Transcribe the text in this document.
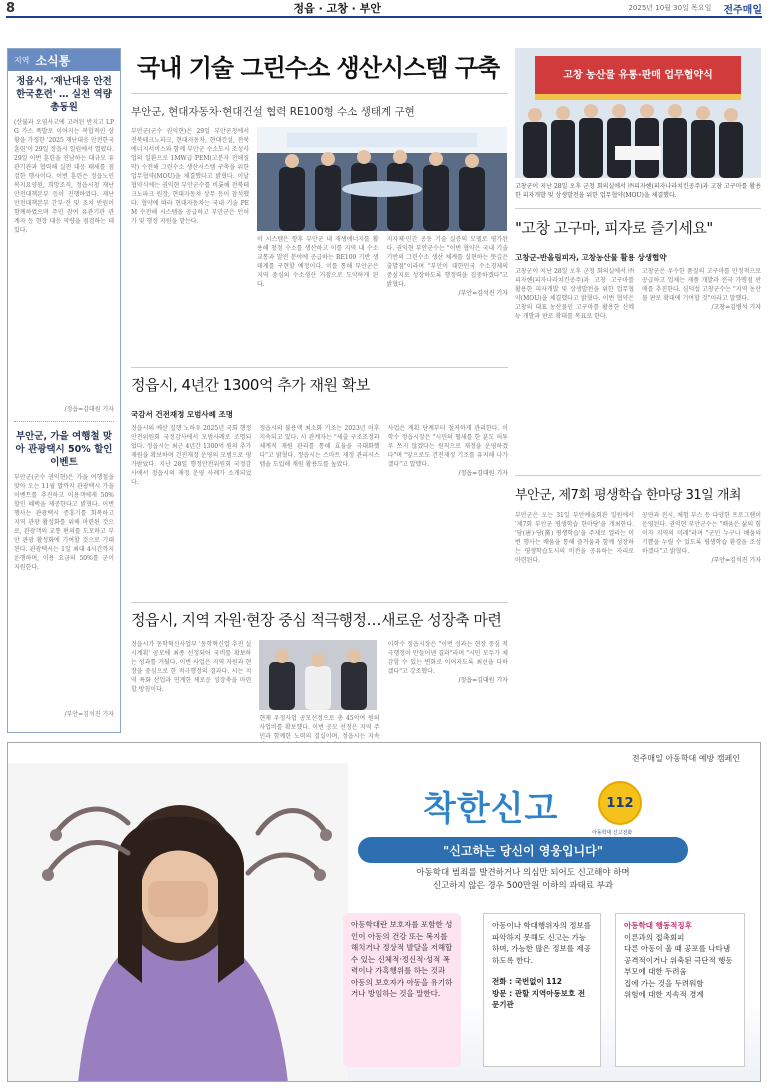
8	정읍 · 고창 · 부안	2025년 10월 30일 목요일 전주매일
지역 소식통
정읍시, '재난대응 안전한국훈련' … 실전 역량 총동원
(산불과 오염사고에 고려된 반지고 LPG 가스 폭발로 이어지는 복합적인 상황을 가정한 '2025 재난대응 안전한국훈련'이 29일 정읍시 일원에서 열렸다. 29일 이번 훈련을 진남하는 대규모 유관기관과 협력해 실전 대응 태세를 점검한 행사이다. 이번 훈련은 정읍노인복지요양원, 희망조직, 정읍시청 재난안전대책본부 등이 진행하였다. 재난안전대책본부 간부·진 및 조치 반원이 함께하였으며 주민 참여 유관기관 관계자 등 현장 대응 역량을 점검하는 데 있다.
/정읍=김대원 기자
부안군, 가을 여행철 맞아 관광택시 50% 할인 이벤트
부안군(군수 권익현)은 가을 여행철을 맞아 오는 11월 말까지 관광택시 가을이벤트를 추진하고 이용객에게 50% 할인 혜택을 제공한다고 밝혔다. 이번 행사는 관광택시 증흥기를 회복하고 지역 관광 활성화를 위해 마련된 것으로, 관광객의 교통 편의를 도모하고 부안 관광 활성화에 기여할 것으로 기대된다. 관광택시는 1일 최대 4시간까지 운행하며, 이용 요금의 50%를 군이 지원한다.
/부안=김석진 기자
국내 기술 그린수소 생산시스템 구축
부안군, 현대자동차·현대건설 협력 RE100형 수소 생태계 구현
부안군(군수 권익현)은 29일 부안군청에서 전북테크노파크, 현대자동차, 현대건설, 전북에너지서비스와 함께 부안군 수소도시 조성사업의 일환으로 1MW급 PEM(고분자 전해질막) 수전해 그린수소 생산시스템 구축을 위한 업무협약(MOU)을 체결했다고 밝혔다. 이날 협약식에는 권익현 부안군수를 비롯해 전북테크노파크 원장, 현대자동차 상무 등이 참석했다. 협약에 따라 현대자동차는 국내 기술 PEM 수전해 시스템을 공급하고 부안군은 인허가 및 행정 지원을 맡는다.
이 시스템은 향후 부안군 내 재생에너지를 활용해 청정 수소를 생산하고 이를 지역 내 수소교통과 발전 분야에 공급하는 RE100 기반 생태계를 구현할 예정이다. 이를 통해 부안군은 지역 중심의 수소생산 거점으로 도약하게 된다.
지자체·민간 공동 기술 실증의 모델로 평가된다. 권익현 부안군수는 "이번 협약은 국내 기술 기반의 그린수소 생산 체계를 실현하는 뜻깊은 출발점"이라며 "부안이 대한민국 수소경제의 중심지로 성장하도록 행정력을 집중하겠다"고 밝혔다.
/부안=김석진 기자
정읍시, 4년간 1300억 추가 재원 확보
국감서 건전재정 모범사례 조명
정읍시의 예산 집행 노하우 2025년 국회 행정안전위원회 국정감사에서 모범사례로 조명되었다. 정읍시는 최근 4년간 1300억 원의 추가 재원을 확보하며 건전재정 운영의 모범으로 평가받았다. 지난 28일 행정안전위원회 국정감사에서 정읍시의 재정 운영 사례가 소개되었다.
정읍시의 불용액 최소화 기조는 2023년 이후 지속되고 있다. 시 관계자는 "세출 구조조정과 체계적 재원 관리를 통해 효율을 극대화했다"고 밝혔다. 정읍시는 스마트 재정 관리시스템을 도입해 재원 활용도를 높였다.
사업은 계획 단계부터 철저하게 관리한다. 이학수 정읍시장은 "시민의 혈세를 한 푼도 허투루 쓰지 않겠다는 원칙으로 재정을 운영하겠다"며 "앞으로도 건전재정 기조를 유지해 나가겠다"고 말했다.
/정읍=김대원 기자
정읍시, 지역 자원·현장 중심 적극행정…새로운 성장축 마련
정읍시가 동학혁신사업부 '동학혁신업 추진 실시계획' 공모에 최종 선정되어 국비를 확보하는 성과를 거뒀다. 이번 사업은 지역 자원과 현장을 중심으로 한 적극행정의 결과다. 시는 지역 특화 산업과 연계한 새로운 성장축을 마련할 방침이다.
현재 우정사업 공모선정으로 총 45억여 원의 사업비를 확보했다. 이번 공모 선정은 지역 주민과 함께한 노력의 결실이며, 정읍시는 지속
이학수 정읍시장은 "이번 성과는 현장 중심 적극행정이 만들어낸 결과"라며 "시민 모두가 체감할 수 있는 변화로 이어지도록 최선을 다하겠다"고 강조했다.
/정읍=김대원 기자
고창 농산물 유통·판매 업무협약식
고창군이 지난 28일 오후 군청 회의실에서 ㈜피자헨(피자나라치킨공주)과 고창 고구마를 활용한 피자개발 및 상생발전을 위한 업무협약(MOU)을 체결했다.
"고창 고구마, 피자로 즐기세요"
고창군-반올림피자, 고창농산물 활용 상생협약
고창군이 지난 28일 오후 군청 회의실에서 ㈜피자헨(피자나라치킨공주)과 고창 고구마를 활용한 피자개발 및 상생발전을 위한 업무협약(MOU)을 체결했다고 밝혔다. 이번 협약은 고창의 대표 농산물인 고구마를 활용한 신메뉴 개발과 판로 확대를 목표로 한다.
고창군은 우수한 품질의 고구마를 안정적으로 공급하고 업체는 제품 개발과 전국 가맹점 판매를 추진한다. 심덕섭 고창군수는 "지역 농산물 판로 확대에 기여할 것"이라고 말했다.
/고창=김병석 기자
부안군, 제7회 평생학습 한마당 31일 개최
부안군은 오는 31일 부안예술회관 일원에서 '제7회 부안군 평생학습 한마당'을 개최한다. '당(唐)·당(黨) 평생학습'을 주제로 열리는 이번 행사는 배움을 통해 즐거움과 함께 성장하는 평생학습도시의 비전을 공유하는 자리로 마련된다.
공연과 전시, 체험 부스 등 다양한 프로그램이 운영된다. 권익현 부안군수는 "배움은 삶의 힘이자 지역의 미래"라며 "군민 누구나 배움의 기쁨을 누릴 수 있도록 평생학습 환경을 조성하겠다"고 밝혔다.
/부안=김석진 기자
전주매일 아동학대 예방 캠페인
착한신고	112
아동학대 신고전화
"신고하는 당신이 영웅입니다"
아동학대 범죄를 발견하거나 의심만 되어도 신고해야 하며
신고하지 않은 경우 500만원 이하의 과태료 부과
아동학대란 보호자를 포함한 성인이 아동의 건강 또는 복지를 해치거나 정상적 발달을 저해할 수 있는 신체적·정신적·성적 폭력이나 가혹행위를 하는 것과 아동의 보호자가 아동을 유기하거나 방임하는 것을 말한다.
아동이나 학대행위자의 정보를 파악하지 못해도 신고는 가능하며, 가능한 많은 정보를 제공하도록 한다.
전화 : 국번없이 112
방문 : 관할 지역아동보호 전문기관
아동학대 행동적징후
이른과의 접촉회피
다른 아동이 울 때 공포를 나타냄
공격적이거나 위축된 극단적 행동
부모에 대한 두려움
집에 가는 것을 두려워함
위험에 대한 지속적 경계
